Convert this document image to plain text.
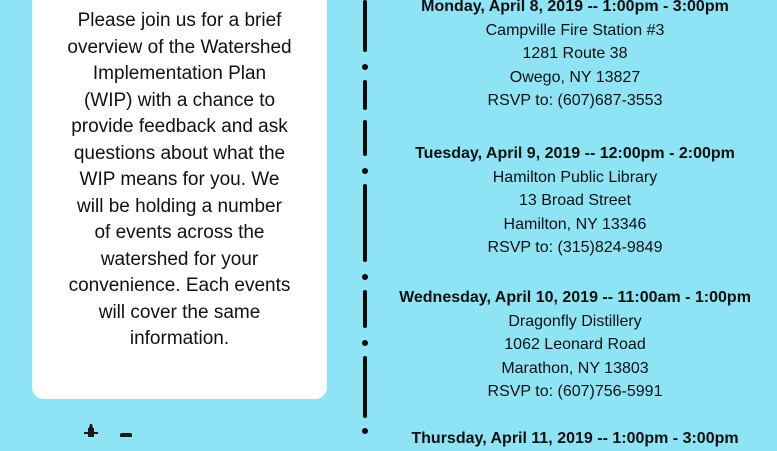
Please join us for a brief
overview of the Watershed
Implementation Plan
(WIP) with a chance to
provide feedback and ask
questions about what the
WIP means for you. We
will be holding a number
of events across the
watershed for your
convenience. Each events
will cover the same
information.

Monday, April 8, 2019 -- 1:00pm - 3:00pm
Campville Fire Station #3
1281 Route 38
Owego, NY 13827
RSVP to: (607)687-3553
Tuesday, April 9, 2019 -- 12:00pm - 2:00pm
Hamilton Public Library
13 Broad Street
Hamilton, NY 13346
RSVP to: (315)824-9849
Wednesday, April 10, 2019 -- 11:00am - 1:00pm
Dragonfly Distillery
1062 Leonard Road
Marathon, NY 13803
RSVP to: (607)756-5991
Thursday, April 11, 2019 -- 1:00pm - 3:00pm
